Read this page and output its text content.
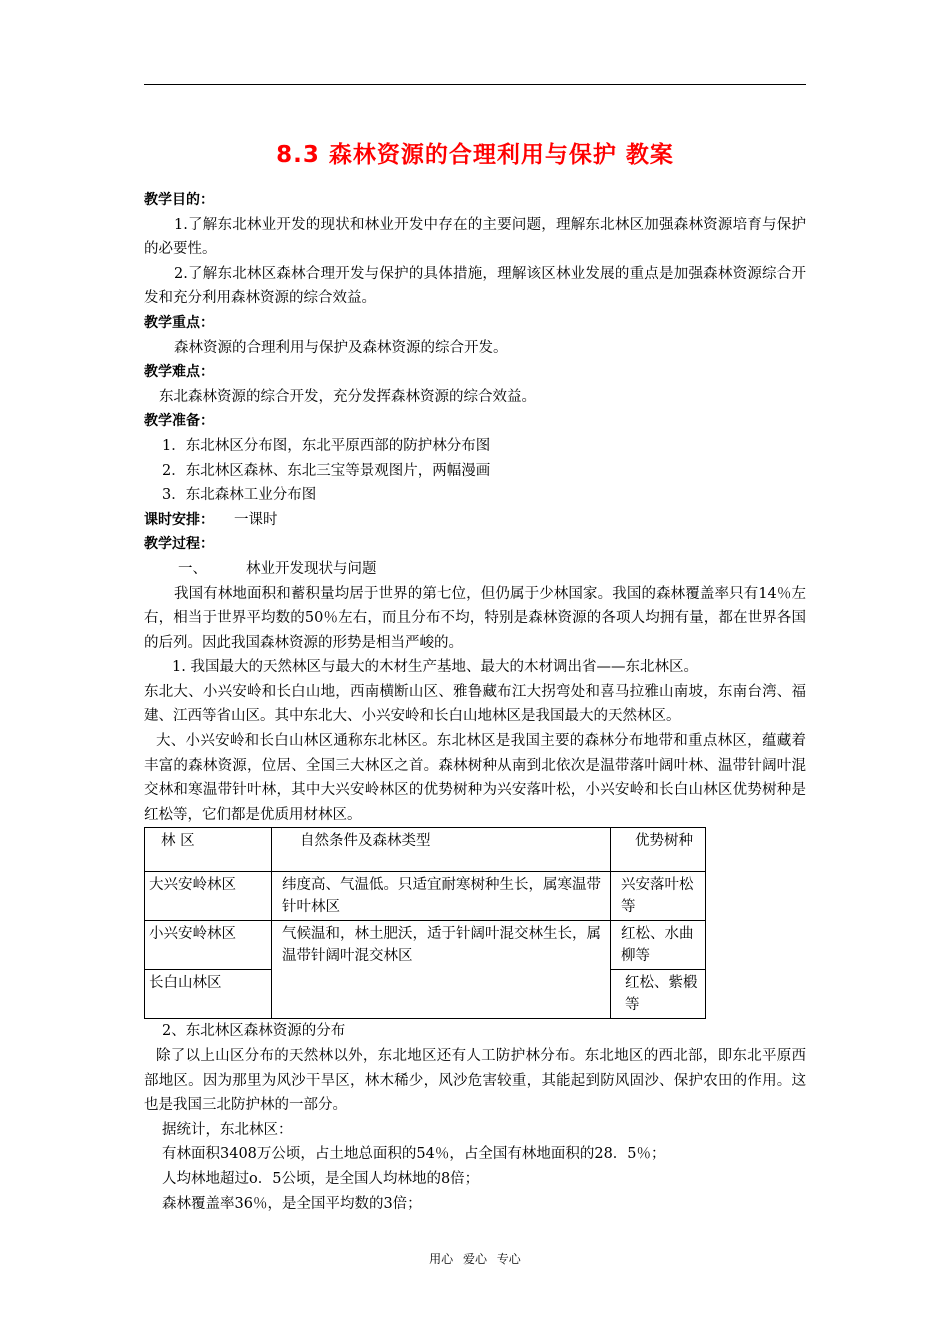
8.3 森林资源的合理利用与保护 教案
教学目的：
1.了解东北林业开发的现状和林业开发中存在的主要问题，理解东北林区加强森林资源培育与保护的必要性。
2.了解东北林区森林合理开发与保护的具体措施，理解该区林业发展的重点是加强森林资源综合开发和充分利用森林资源的综合效益。
教学重点：
森林资源的合理利用与保护及森林资源的综合开发。
教学难点：
东北森林资源的综合开发，充分发挥森林资源的综合效益。
教学准备：
1．东北林区分布图，东北平原西部的防护林分布图
2．东北林区森林、东北三宝等景观图片，两幅漫画
3．东北森林工业分布图
课时安排： 一课时
教学过程：
一、	林业开发现状与问题
我国有林地面积和蓄积量均居于世界的第七位，但仍属于少林国家。我国的森林覆盖率只有14％左右，相当于世界平均数的50％左右，而且分布不均，特别是森林资源的各项人均拥有量，都在世界各国的后列。因此我国森林资源的形势是相当严峻的。
1. 我国最大的天然林区与最大的木材生产基地、最大的木材调出省——东北林区。
东北大、小兴安岭和长白山地，西南横断山区、雅鲁藏布江大拐弯处和喜马拉雅山南坡，东南台湾、福建、江西等省山区。其中东北大、小兴安岭和长白山地林区是我国最大的天然林区。
大、小兴安岭和长白山林区通称东北林区。东北林区是我国主要的森林分布地带和重点林区，蕴藏着丰富的森林资源，位居、全国三大林区之首。森林树种从南到北依次是温带落叶阔叶林、温带针阔叶混交林和寒温带针叶林，其中大兴安岭林区的优势树种为兴安落叶松，小兴安岭和长白山林区优势树种是红松等，它们都是优质用材林区。
林 区	自然条件及森林类型	优势树种
大兴安岭林区	纬度高、气温低。只适宜耐寒树种生长，属寒温带针叶林区	兴安落叶松等
小兴安岭林区	气候温和，林土肥沃，适于针阔叶混交林生长，属温带针阔叶混交林区	红松、水曲柳等
长白山林区		红松、紫椴等
2、东北林区森林资源的分布
除了以上山区分布的天然林以外，东北地区还有人工防护林分布。东北地区的西北部，即东北平原西部地区。因为那里为风沙干旱区，林木稀少，风沙危害较重，其能起到防风固沙、保护农田的作用。这也是我国三北防护林的一部分。
据统计，东北林区：
有林面积3408万公顷，占土地总面积的54％，占全国有林地面积的28．5％；
人均林地超过o．5公顷，是全国人均林地的8倍；
森林覆盖率36％，是全国平均数的3倍；
用心 爱心 专心
